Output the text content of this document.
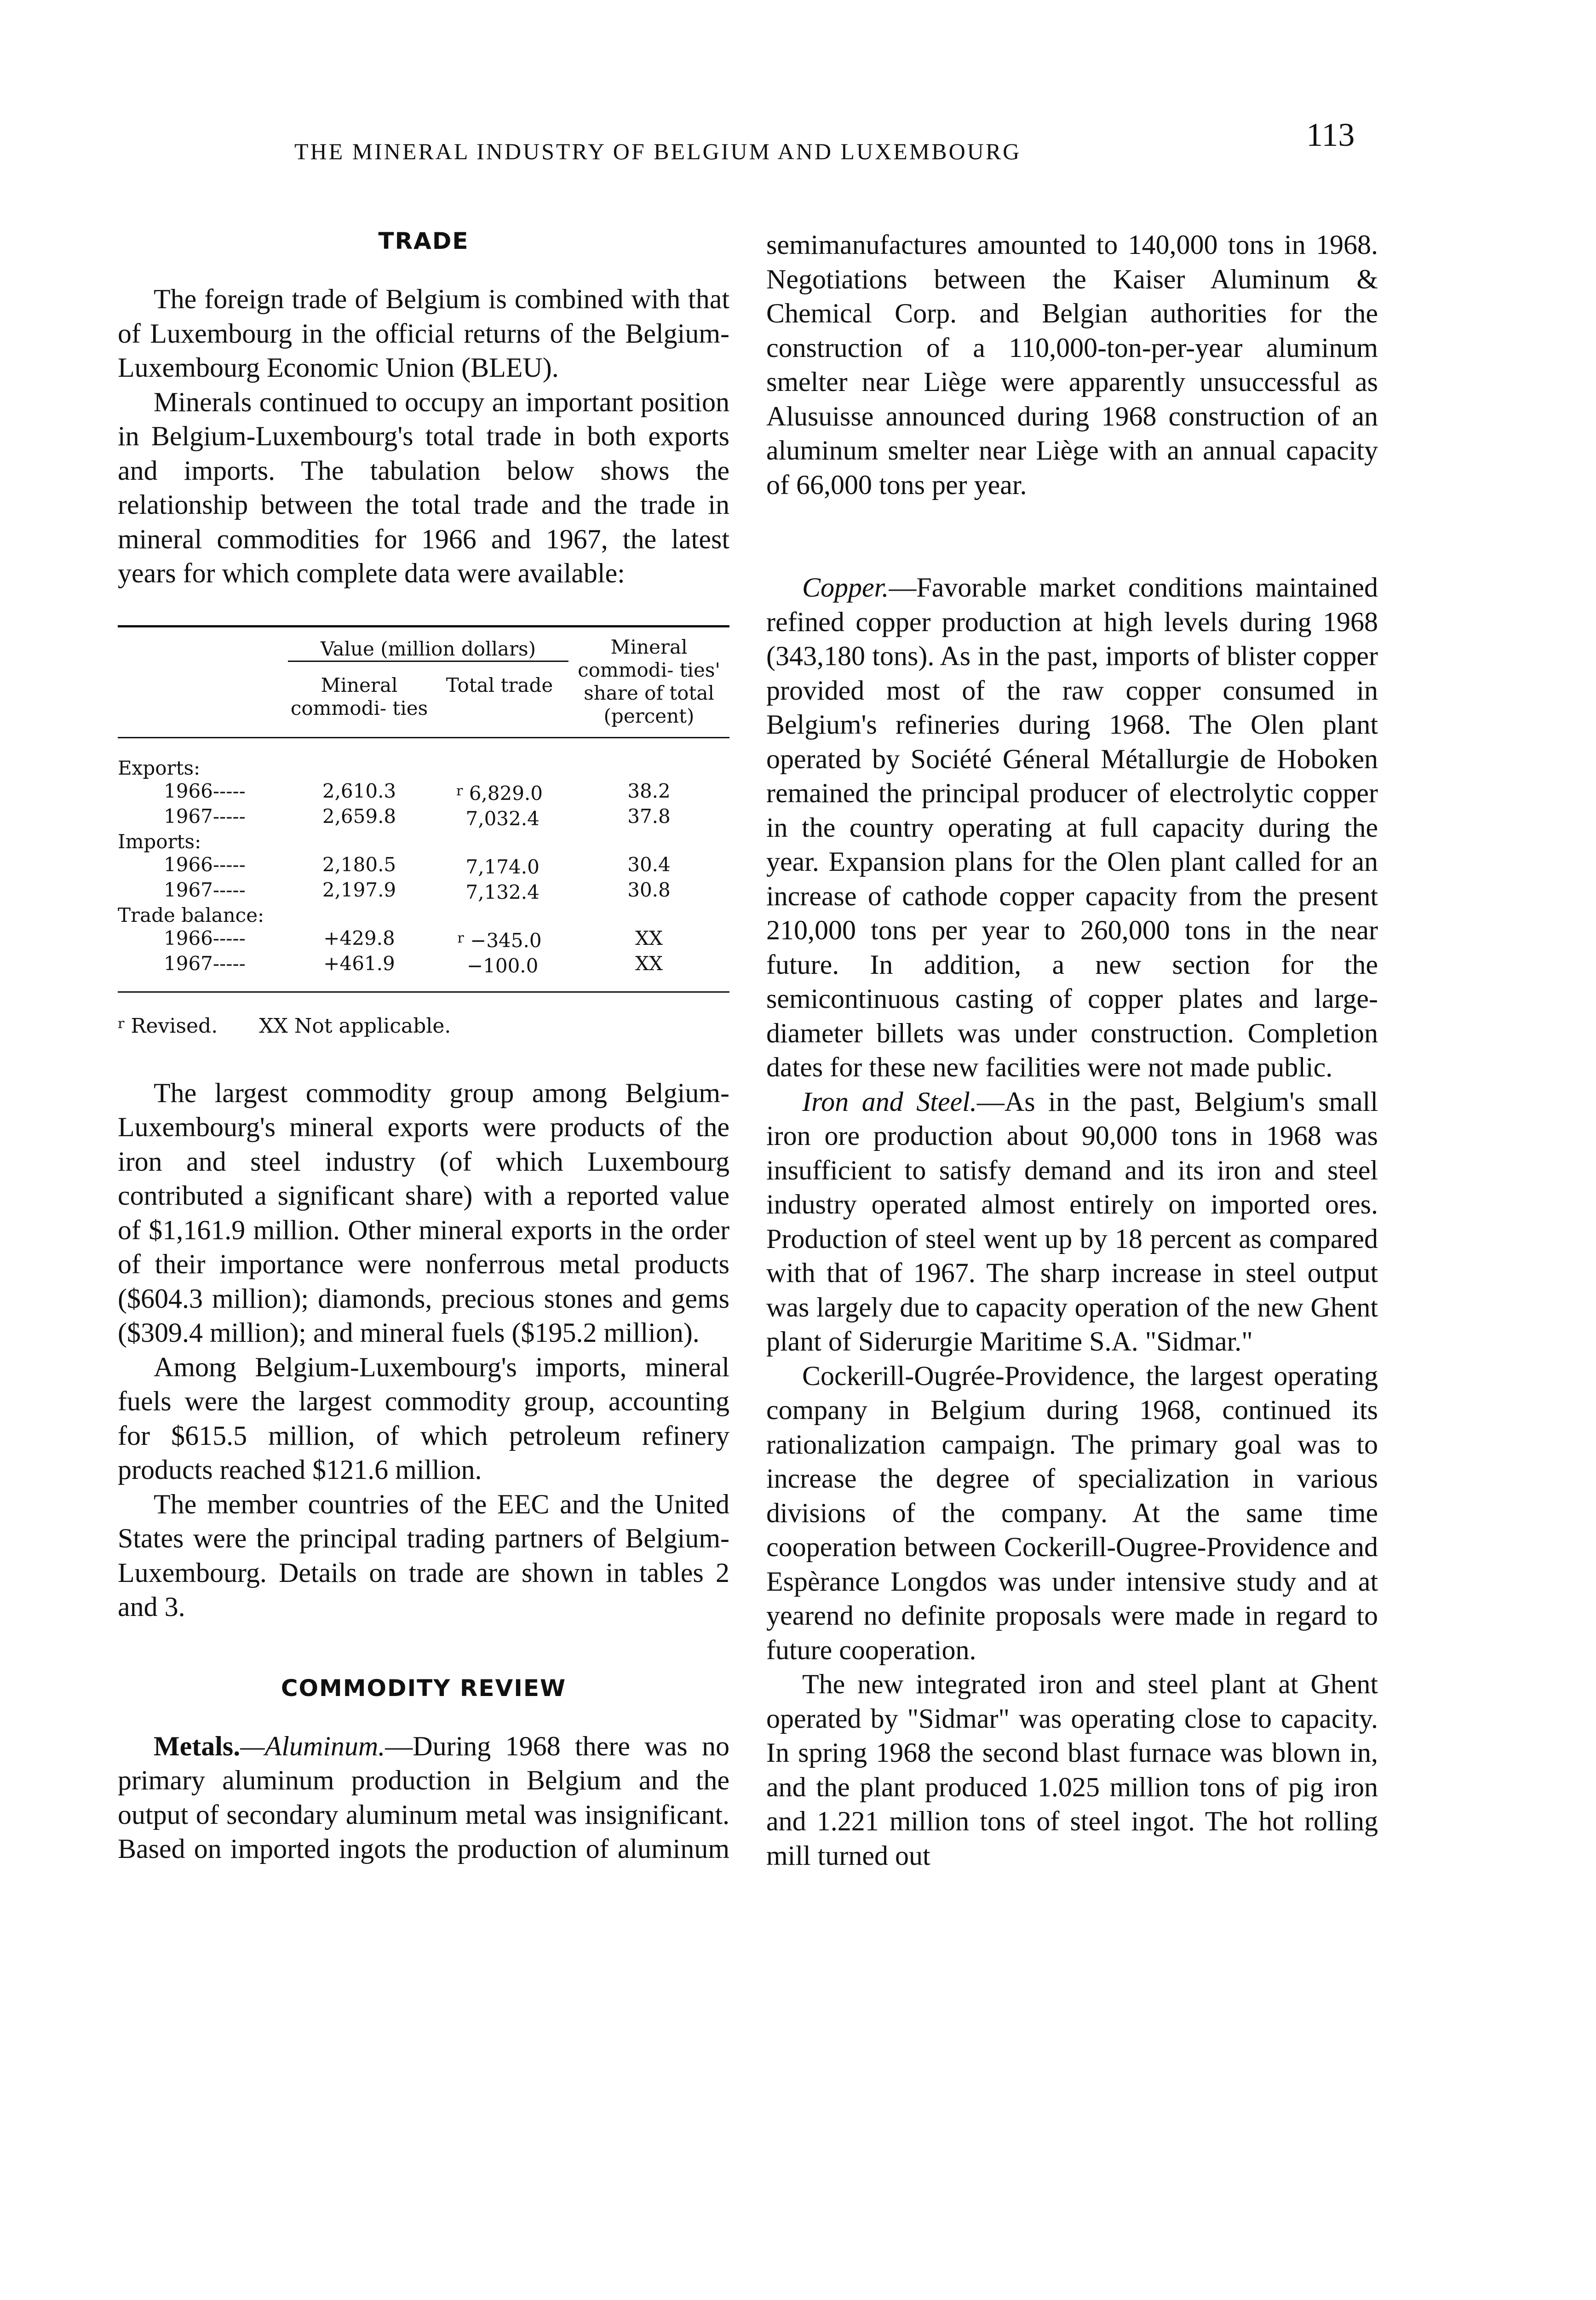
THE MINERAL INDUSTRY OF BELGIUM AND LUXEMBOURG	113
TRADE

The foreign trade of Belgium is combined with that of Luxembourg in the official returns of the Belgium-Luxembourg Economic Union (BLEU).

Minerals continued to occupy an important position in Belgium-Luxembourg's total trade in both exports and imports. The tabulation below shows the relationship between the total trade and the trade in mineral commodities for 1966 and 1967, the latest years for which complete data were available:

	Value (million dollars)		Mineral commodi- ties' share of total (percent)
	Mineral commodi- ties	Total trade	

Exports:			
1966-----	2,610.3	$^r$ 6,829.0	38.2
1967-----	2,659.8	7,032.4	37.8
Imports:			
1966-----	2,180.5	7,174.0	30.4
1967-----	2,197.9	7,132.4	30.8
Trade balance:			
1966-----	+429.8	$^r$ −345.0	XX
1967-----	+461.9	−100.0	XX
$^r$ Revised. XX Not applicable.

The largest commodity group among Belgium-Luxembourg's mineral exports were products of the iron and steel industry (of which Luxembourg contributed a significant share) with a reported value of $1,161.9 million. Other mineral exports in the order of their importance were nonferrous metal products ($604.3 million); diamonds, precious stones and gems ($309.4 million); and mineral fuels ($195.2 million).

Among Belgium-Luxembourg's imports, mineral fuels were the largest commodity group, accounting for $615.5 million, of which petroleum refinery products reached $121.6 million.

The member countries of the EEC and the United States were the principal trading partners of Belgium-Luxembourg. Details on trade are shown in tables 2 and 3.

COMMODITY REVIEW

Metals.—Aluminum.—During 1968 there was no primary aluminum production in Belgium and the output of secondary aluminum metal was insignificant. Based on imported ingots the production of aluminum

semimanufactures amounted to 140,000 tons in 1968. Negotiations between the Kaiser Aluminum & Chemical Corp. and Belgian authorities for the construction of a 110,000-ton-per-year aluminum smelter near Liège were apparently unsuccessful as Alusuisse announced during 1968 construction of an aluminum smelter near Liège with an annual capacity of 66,000 tons per year.

Copper.—Favorable market conditions maintained refined copper production at high levels during 1968 (343,180 tons). As in the past, imports of blister copper provided most of the raw copper consumed in Belgium's refineries during 1968. The Olen plant operated by Société Géneral Métallurgie de Hoboken remained the principal producer of electrolytic copper in the country operating at full capacity during the year. Expansion plans for the Olen plant called for an increase of cathode copper capacity from the present 210,000 tons per year to 260,000 tons in the near future. In addition, a new section for the semicontinuous casting of copper plates and large-diameter billets was under construction. Completion dates for these new facilities were not made public.

Iron and Steel.—As in the past, Belgium's small iron ore production about 90,000 tons in 1968 was insufficient to satisfy demand and its iron and steel industry operated almost entirely on imported ores. Production of steel went up by 18 percent as compared with that of 1967. The sharp increase in steel output was largely due to capacity operation of the new Ghent plant of Siderurgie Maritime S.A. "Sidmar."

Cockerill-Ougrée-Providence, the largest operating company in Belgium during 1968, continued its rationalization campaign. The primary goal was to increase the degree of specialization in various divisions of the company. At the same time cooperation between Cockerill-Ougree-Providence and Espèrance Longdos was under intensive study and at yearend no definite proposals were made in regard to future cooperation.

The new integrated iron and steel plant at Ghent operated by "Sidmar" was operating close to capacity. In spring 1968 the second blast furnace was blown in, and the plant produced 1.025 million tons of pig iron and 1.221 million tons of steel ingot. The hot rolling mill turned out
